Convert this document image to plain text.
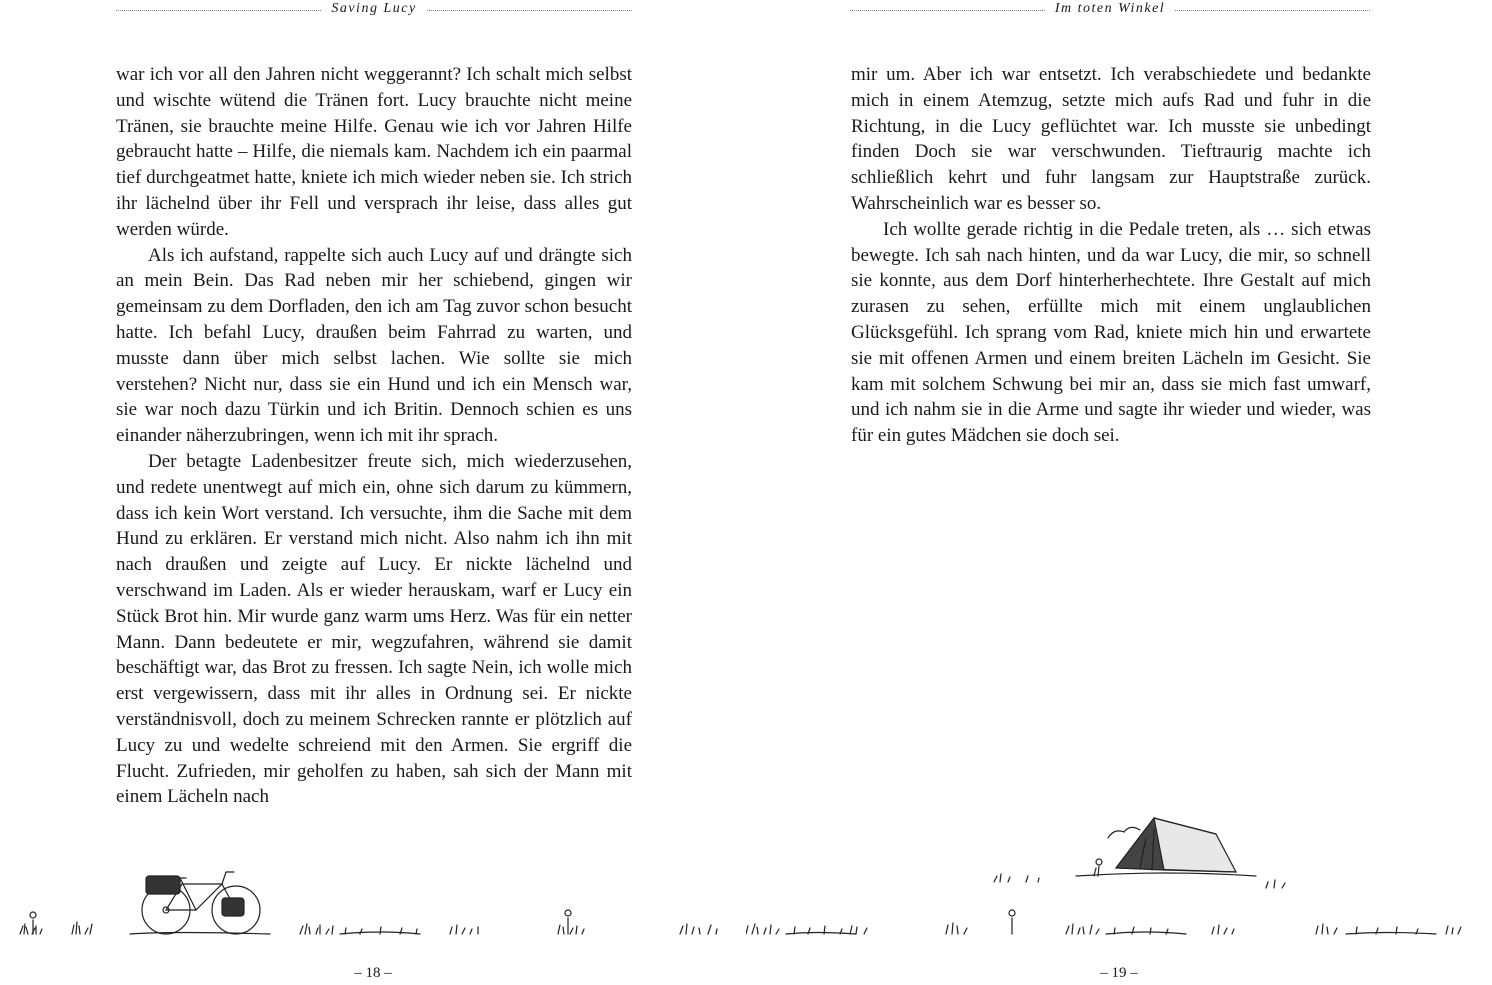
Saving Lucy

war ich vor all den Jahren nicht weggerannt? Ich schalt mich selbst und wischte wütend die Tränen fort. Lucy brauchte nicht meine Tränen, sie brauchte meine Hilfe. Genau wie ich vor Jahren Hilfe gebraucht hatte – Hilfe, die niemals kam. Nachdem ich ein paarmal tief durchgeatmet hatte, kniete ich mich wieder neben sie. Ich strich ihr lächelnd über ihr Fell und versprach ihr leise, dass alles gut werden würde.

Als ich aufstand, rappelte sich auch Lucy auf und drängte sich an mein Bein. Das Rad neben mir her schiebend, gingen wir gemeinsam zu dem Dorfladen, den ich am Tag zuvor schon besucht hatte. Ich befahl Lucy, draußen beim Fahrrad zu warten, und musste dann über mich selbst lachen. Wie sollte sie mich verstehen? Nicht nur, dass sie ein Hund und ich ein Mensch war, sie war noch dazu Türkin und ich Britin. Dennoch schien es uns einander näherzubringen, wenn ich mit ihr sprach.

Der betagte Ladenbesitzer freute sich, mich wiederzusehen, und redete unentwegt auf mich ein, ohne sich darum zu kümmern, dass ich kein Wort verstand. Ich versuchte, ihm die Sache mit dem Hund zu erklären. Er verstand mich nicht. Also nahm ich ihn mit nach draußen und zeigte auf Lucy. Er nickte lächelnd und verschwand im Laden. Als er wieder herauskam, warf er Lucy ein Stück Brot hin. Mir wurde ganz warm ums Herz. Was für ein netter Mann. Dann bedeutete er mir, wegzufahren, während sie damit beschäftigt war, das Brot zu fressen. Ich sagte Nein, ich wolle mich erst vergewissern, dass mit ihr alles in Ordnung sei. Er nickte verständnisvoll, doch zu meinem Schrecken rannte er plötzlich auf Lucy zu und wedelte schreiend mit den Armen. Sie ergriff die Flucht. Zufrieden, mir geholfen zu haben, sah sich der Mann mit einem Lächeln nach

– 18 –
Im toten Winkel

mir um. Aber ich war entsetzt. Ich verabschiedete und bedankte mich in einem Atemzug, setzte mich aufs Rad und fuhr in die Richtung, in die Lucy geflüchtet war. Ich musste sie unbedingt finden Doch sie war verschwunden. Tieftraurig machte ich schließlich kehrt und fuhr langsam zur Hauptstraße zurück. Wahrscheinlich war es besser so.

Ich wollte gerade richtig in die Pedale treten, als … sich etwas bewegte. Ich sah nach hinten, und da war Lucy, die mir, so schnell sie konnte, aus dem Dorf hinterherhechtete. Ihre Gestalt auf mich zurasen zu sehen, erfüllte mich mit einem unglaublichen Glücksgefühl. Ich sprang vom Rad, kniete mich hin und erwartete sie mit offenen Armen und einem breiten Lächeln im Gesicht. Sie kam mit solchem Schwung bei mir an, dass sie mich fast umwarf, und ich nahm sie in die Arme und sagte ihr wieder und wieder, was für ein gutes Mädchen sie doch sei.

– 19 –
